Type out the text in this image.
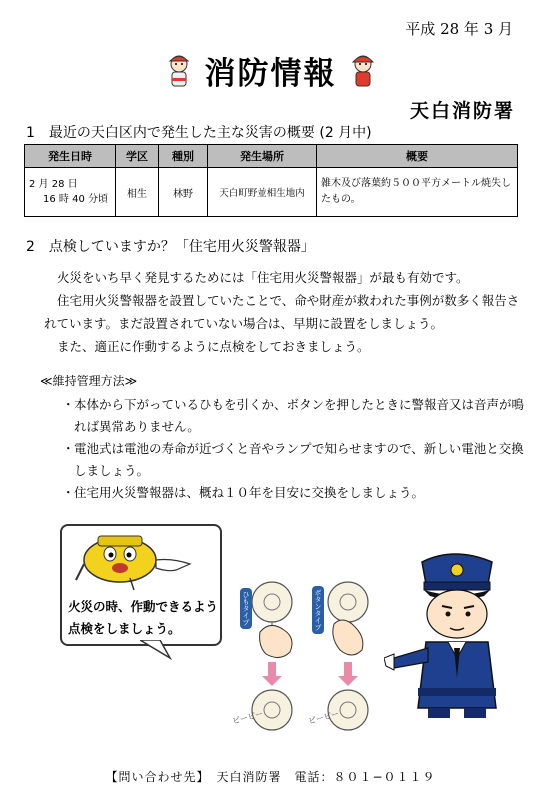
平成 28 年 3 月
消防情報
天白消防署
1　最近の天白区内で発生した主な災害の概要 (2 月中)
発生日時	学区	種別	発生場所	概要

2 月 28 日
16 時 40 分頃	相生	林野	天白町野並相生地内	雑木及び落葉約５００平方メートル焼失したもの。
2　点検していますか？「住宅用火災警報器」

火災をいち早く発見するためには「住宅用火災警報器」が最も有効です。

住宅用火災警報器を設置していたことで、命や財産が救われた事例が数多く報告されています。まだ設置されていない場合は、早期に設置をしましょう。

また、適正に作動するように点検をしておきましょう。

≪維持管理方法≫
・ 本体から下がっているひもを引くか、ボタンを押したときに警報音又は音声が鳴れば異常ありません。
・ 電池式は電池の寿命が近づくと音やランプで知らせますので、新しい電池と交換しましょう。
・ 住宅用火災警報器は、概ね１０年を目安に交換をしましょう。
火災の時、作動できるよう
点検をしましょう。
ひもタイプ	ボタンタイプ
ピーピー	ピーピー
【問い合わせ先】　天白消防署　電話：８０１−０１１９
